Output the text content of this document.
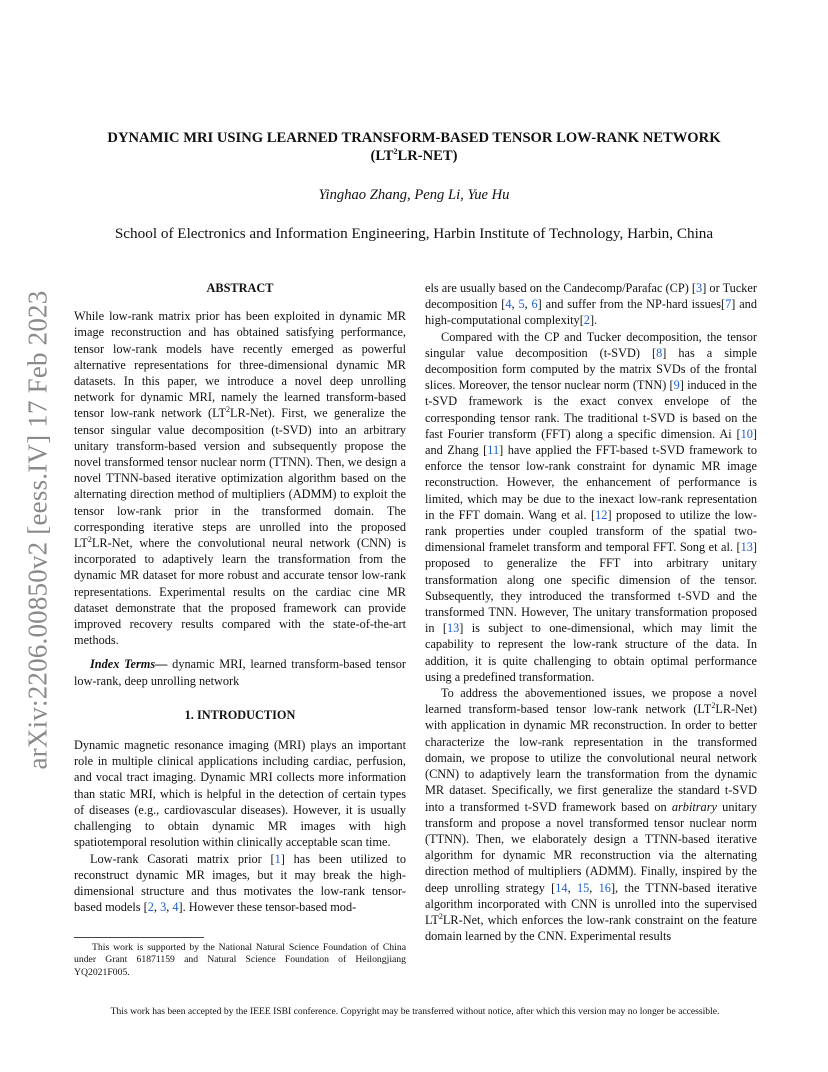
arXiv:2206.00850v2 [eess.IV] 17 Feb 2023
DYNAMIC MRI USING LEARNED TRANSFORM-BASED TENSOR LOW-RANK NETWORK
$(LT^2LR-NET)$
Yinghao Zhang, Peng Li, Yue Hu
School of Electronics and Information Engineering, Harbin Institute of Technology, Harbin, China
ABSTRACT

While low-rank matrix prior has been exploited in dynamic MR image reconstruction and has obtained satisfying performance, tensor low-rank models have recently emerged as powerful alternative representations for three-dimensional dynamic MR datasets. In this paper, we introduce a novel deep unrolling network for dynamic MRI, namely the learned transform-based tensor low-rank network $(LT^2LR-Net)$. First, we generalize the tensor singular value decomposition (t-SVD) into an arbitrary unitary transform-based version and subsequently propose the novel transformed tensor nuclear norm (TTNN). Then, we design a novel TTNN-based iterative optimization algorithm based on the alternating direction method of multipliers (ADMM) to exploit the tensor low-rank prior in the transformed domain. The corresponding iterative steps are unrolled into the proposed $LT^2LR$-Net, where the convolutional neural network (CNN) is incorporated to adaptively learn the transformation from the dynamic MR dataset for more robust and accurate tensor low-rank representations. Experimental results on the cardiac cine MR dataset demonstrate that the proposed framework can provide improved recovery results compared with the state-of-the-art methods.

Index Terms— dynamic MRI, learned transform-based tensor low-rank, deep unrolling network

1. INTRODUCTION

Dynamic magnetic resonance imaging (MRI) plays an important role in multiple clinical applications including cardiac, perfusion, and vocal tract imaging. Dynamic MRI collects more information than static MRI, which is helpful in the detection of certain types of diseases (e.g., cardiovascular diseases). However, it is usually challenging to obtain dynamic MR images with high spatiotemporal resolution within clinically acceptable scan time.

Low-rank Casorati matrix prior [1] has been utilized to reconstruct dynamic MR images, but it may break the high-dimensional structure and thus motivates the low-rank tensor-based models [2, 3, 4]. However these tensor-based mod-

els are usually based on the Candecomp/Parafac (CP) [3] or Tucker decomposition [4, 5, 6] and suffer from the NP-hard issues[7] and high-computational complexity[2].

Compared with the CP and Tucker decomposition, the tensor singular value decomposition (t-SVD) [8] has a simple decomposition form computed by the matrix SVDs of the frontal slices. Moreover, the tensor nuclear norm (TNN) [9] induced in the t-SVD framework is the exact convex envelope of the corresponding tensor rank. The traditional t-SVD is based on the fast Fourier transform (FFT) along a specific dimension. Ai [10] and Zhang [11] have applied the FFT-based t-SVD framework to enforce the tensor low-rank constraint for dynamic MR image reconstruction. However, the enhancement of performance is limited, which may be due to the inexact low-rank representation in the FFT domain. Wang et al. [12] proposed to utilize the low-rank properties under coupled transform of the spatial two-dimensional framelet transform and temporal FFT. Song et al. [13] proposed to generalize the FFT into arbitrary unitary transformation along one specific dimension of the tensor. Subsequently, they introduced the transformed t-SVD and the transformed TNN. However, The unitary transformation proposed in [13] is subject to one-dimensional, which may limit the capability to represent the low-rank structure of the data. In addition, it is quite challenging to obtain optimal performance using a predefined transformation.

To address the abovementioned issues, we propose a novel learned transform-based tensor low-rank network $(LT^2LR-Net)$ with application in dynamic MR reconstruction. In order to better characterize the low-rank representation in the transformed domain, we propose to utilize the convolutional neural network (CNN) to adaptively learn the transformation from the dynamic MR dataset. Specifically, we first generalize the standard t-SVD into a transformed t-SVD framework based on arbitrary unitary transform and propose a novel transformed tensor nuclear norm (TTNN). Then, we elaborately design a TTNN-based iterative algorithm for dynamic MR reconstruction via the alternating direction method of multipliers (ADMM). Finally, inspired by the deep unrolling strategy [14, 15, 16], the TTNN-based iterative algorithm incorporated with CNN is unrolled into the supervised $LT^2LR$-Net, which enforces the low-rank constraint on the feature domain learned by the CNN. Experimental results

This work is supported by the National Natural Science Foundation of China under Grant 61871159 and Natural Science Foundation of Heilongjiang YQ2021F005.
This work has been accepted by the IEEE ISBI conference. Copyright may be transferred without notice, after which this version may no longer be accessible.
